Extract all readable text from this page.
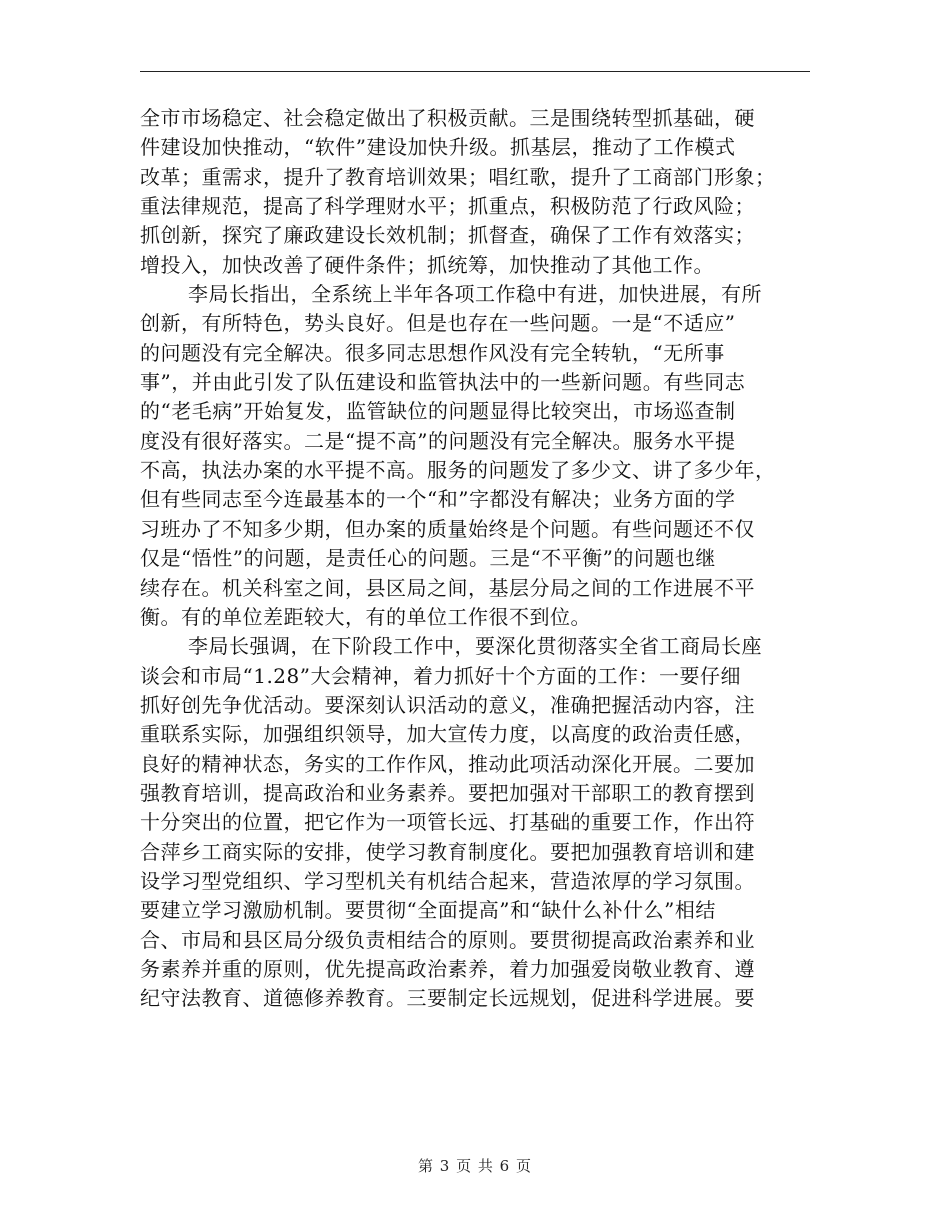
全市市场稳定、社会稳定做出了积极贡献。三是围绕转型抓基础，硬
件建设加快推动，“软件”建设加快升级。抓基层，推动了工作模式
改革；重需求，提升了教育培训效果；唱红歌，提升了工商部门形象；
重法律规范，提高了科学理财水平；抓重点，积极防范了行政风险；
抓创新，探究了廉政建设长效机制；抓督查，确保了工作有效落实；
增投入，加快改善了硬件条件；抓统筹，加快推动了其他工作。
李局长指出，全系统上半年各项工作稳中有进，加快进展，有所
创新，有所特色，势头良好。但是也存在一些问题。一是“不适应”
的问题没有完全解决。很多同志思想作风没有完全转轨，“无所事
事”，并由此引发了队伍建设和监管执法中的一些新问题。有些同志
的“老毛病”开始复发，监管缺位的问题显得比较突出，市场巡查制
度没有很好落实。二是“提不高”的问题没有完全解决。服务水平提
不高，执法办案的水平提不高。服务的问题发了多少文、讲了多少年，
但有些同志至今连最基本的一个“和”字都没有解决；业务方面的学
习班办了不知多少期，但办案的质量始终是个问题。有些问题还不仅
仅是“悟性”的问题，是责任心的问题。三是“不平衡”的问题也继
续存在。机关科室之间，县区局之间，基层分局之间的工作进展不平
衡。有的单位差距较大，有的单位工作很不到位。
李局长强调，在下阶段工作中，要深化贯彻落实全省工商局长座
谈会和市局“1.28”大会精神，着力抓好十个方面的工作：一要仔细
抓好创先争优活动。要深刻认识活动的意义，准确把握活动内容，注
重联系实际，加强组织领导，加大宣传力度，以高度的政治责任感，
良好的精神状态，务实的工作作风，推动此项活动深化开展。二要加
强教育培训，提高政治和业务素养。要把加强对干部职工的教育摆到
十分突出的位置，把它作为一项管长远、打基础的重要工作，作出符
合萍乡工商实际的安排，使学习教育制度化。要把加强教育培训和建
设学习型党组织、学习型机关有机结合起来，营造浓厚的学习氛围。
要建立学习激励机制。要贯彻“全面提高”和“缺什么补什么”相结
合、市局和县区局分级负责相结合的原则。要贯彻提高政治素养和业
务素养并重的原则，优先提高政治素养，着力加强爱岗敬业教育、遵
纪守法教育、道德修养教育。三要制定长远规划，促进科学进展。要
第 3 页 共 6 页
